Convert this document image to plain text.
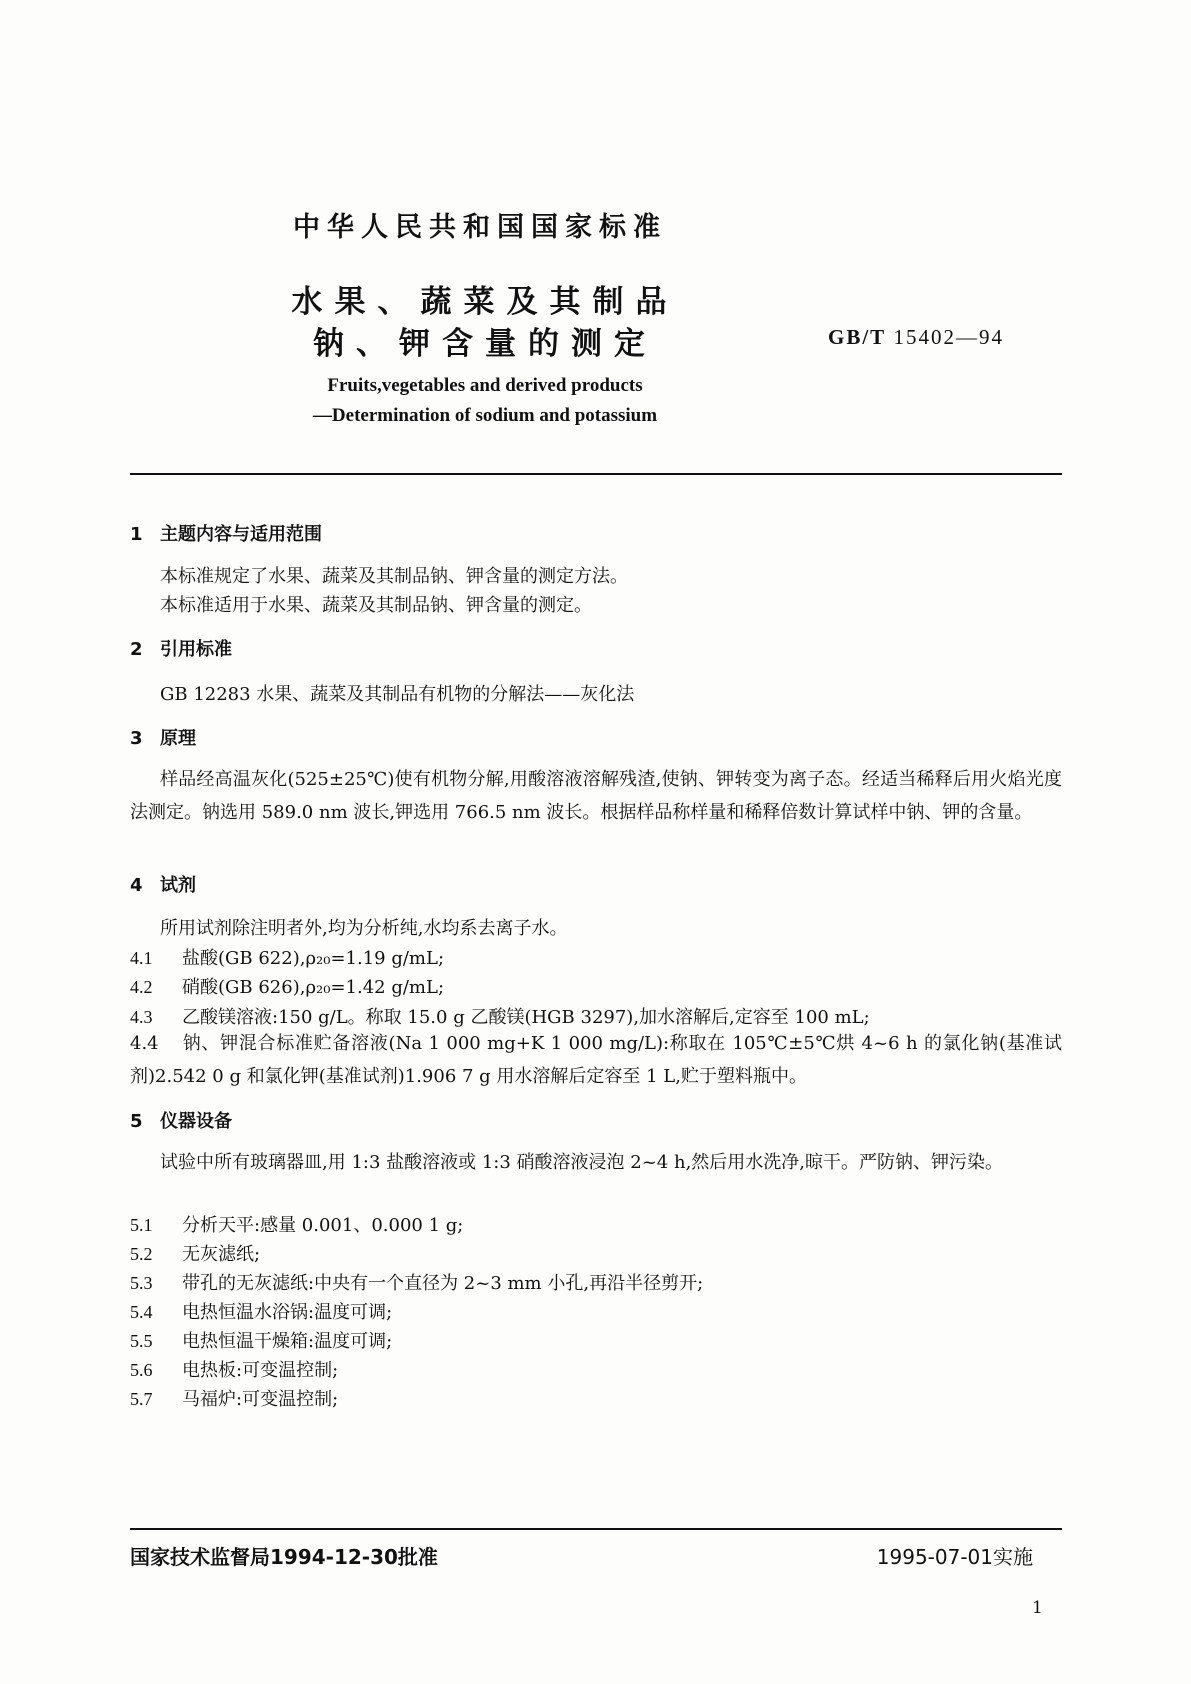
中华人民共和国国家标准
水果、蔬菜及其制品
钠、钾含量的测定	GB/T 15402—94
Fruits,vegetables and derived products
—Determination of sodium and potassium
1 主题内容与适用范围
本标准规定了水果、蔬菜及其制品钠、钾含量的测定方法。
本标准适用于水果、蔬菜及其制品钠、钾含量的测定。
2 引用标准
GB 12283 水果、蔬菜及其制品有机物的分解法——灰化法
3 原理

样品经高温灰化(525±25℃)使有机物分解,用酸溶液溶解残渣,使钠、钾转变为离子态。经适当稀释后用火焰光度法测定。钠选用 589.0 nm 波长,钾选用 766.5 nm 波长。根据样品称样量和稀释倍数计算试样中钠、钾的含量。

4 试剂
所用试剂除注明者外,均为分析纯,水均系去离子水。
4.1 盐酸(GB 622),ρ₂₀=1.19 g/mL;
4.2 硝酸(GB 626),ρ₂₀=1.42 g/mL;
4.3 乙酸镁溶液:150 g/L。称取 15.0 g 乙酸镁(HGB 3297),加水溶解后,定容至 100 mL;

4.4 钠、钾混合标准贮备溶液(Na 1 000 mg+K 1 000 mg/L):称取在 105℃±5℃烘 4~6 h 的氯化钠(基准试剂)2.542 0 g 和氯化钾(基准试剂)1.906 7 g 用水溶解后定容至 1 L,贮于塑料瓶中。

5 仪器设备

试验中所有玻璃器皿,用 1:3 盐酸溶液或 1:3 硝酸溶液浸泡 2~4 h,然后用水洗净,晾干。严防钠、钾污染。

5.1 分析天平:感量 0.001、0.000 1 g;
5.2 无灰滤纸;
5.3 带孔的无灰滤纸:中央有一个直径为 2~3 mm 小孔,再沿半径剪开;
5.4 电热恒温水浴锅:温度可调;
5.5 电热恒温干燥箱:温度可调;
5.6 电热板:可变温控制;
5.7 马福炉:可变温控制;
国家技术监督局1994-12-30批准	1995-07-01实施
1
